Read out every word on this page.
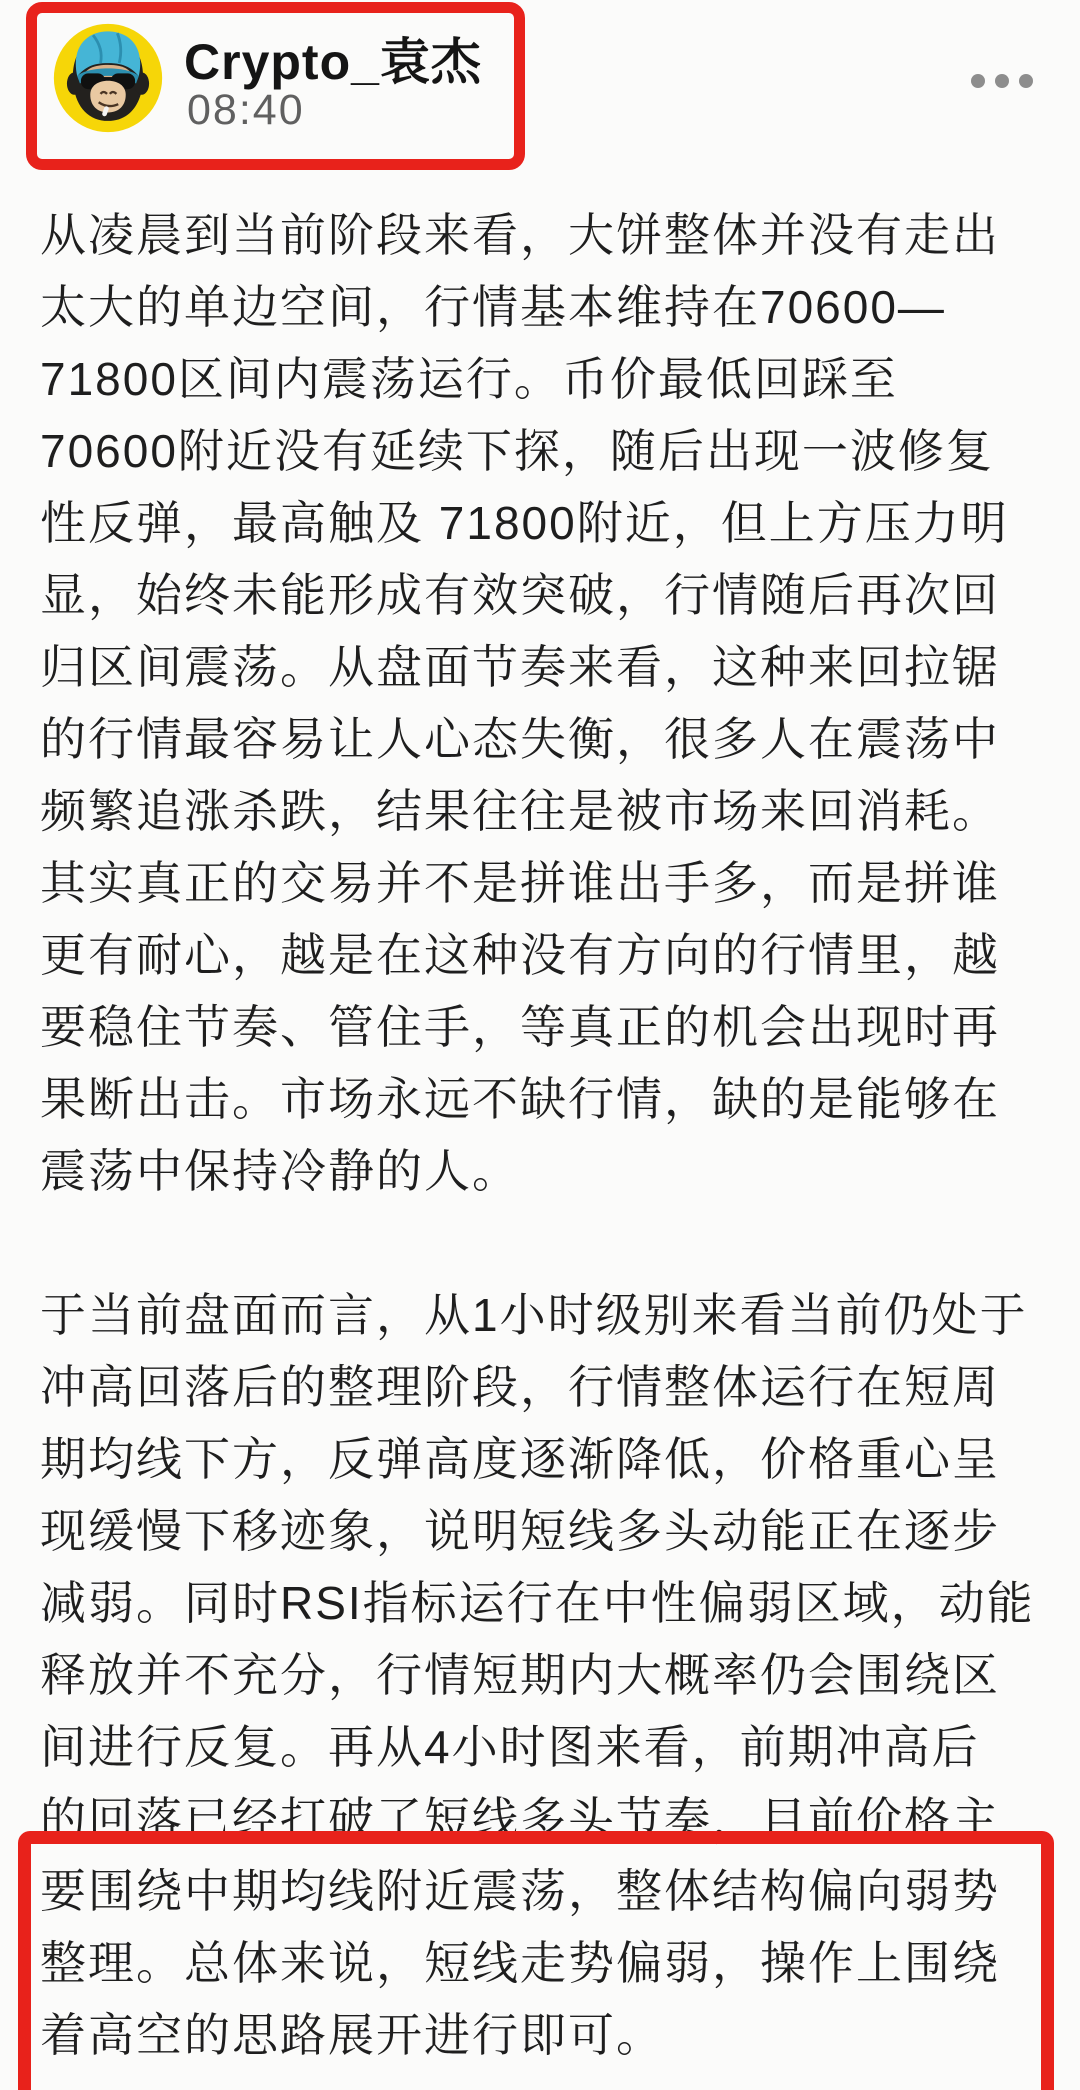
Crypto_袁杰
08:40
从凌晨到当前阶段来看，大饼整体并没有走出
太大的单边空间，行情基本维持在70600—
71800区间内震荡运行。币价最低回踩至
70600附近没有延续下探，随后出现一波修复
性反弹，最高触及 71800附近，但上方压力明
显，始终未能形成有效突破，行情随后再次回
归区间震荡。从盘面节奏来看，这种来回拉锯
的行情最容易让人心态失衡，很多人在震荡中
频繁追涨杀跌，结果往往是被市场来回消耗。
其实真正的交易并不是拼谁出手多，而是拼谁
更有耐心，越是在这种没有方向的行情里，越
要稳住节奏、管住手，等真正的机会出现时再
果断出击。市场永远不缺行情，缺的是能够在
震荡中保持冷静的人。
于当前盘面而言，从1小时级别来看当前仍处于
冲高回落后的整理阶段，行情整体运行在短周
期均线下方，反弹高度逐渐降低，价格重心呈
现缓慢下移迹象，说明短线多头动能正在逐步
减弱。同时RSI指标运行在中性偏弱区域，动能
释放并不充分，行情短期内大概率仍会围绕区
间进行反复。再从4小时图来看，前期冲高后
的回落已经打破了短线多头节奏，目前价格主
要围绕中期均线附近震荡，整体结构偏向弱势
整理。总体来说，短线走势偏弱，操作上围绕
着高空的思路展开进行即可。
